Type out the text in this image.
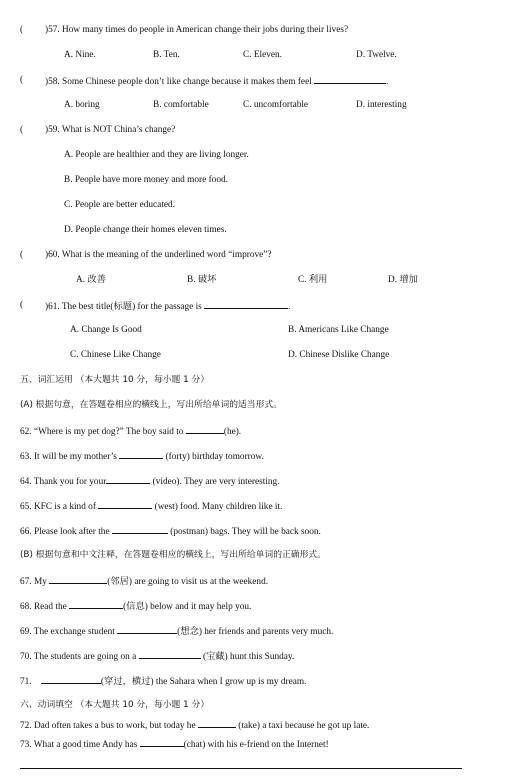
( )57. How many times do people in American change their jobs during their lives?
A. Nine.	B. Ten.	C. Eleven.	D. Twelve.
( )58. Some Chinese people don’t like change because it makes them feel	.
A. boring	B. comfortable	C. uncomfortable	D. interesting
( )59. What is NOT China’s change?
A. People are healthier and they are living longer.
B. People have more money and more food.
C. People are better educated.
D. People change their homes eleven times.
( )60. What is the meaning of the underlined word “improve”?
A. 改善	B. 破坏	C. 利用	D. 增加
( )61. The best title(标题) for the passage is	.
A. Change Is Good	B. Americans Like Change
C. Chinese Like Change	D. Chinese Dislike Change
五、词汇运用 （本大题共 10 分，每小题 1 分）
(A) 根据句意，在答题卷相应的横线上，写出所给单词的适当形式。
62. “Where is my pet dog?” The boy said to	(he).
63. It will be my mother’s	(forty) birthday tomorrow.
64. Thank you for your	(video). They are very interesting.
65. KFC is a kind of	(west) food. Many children like it.
66. Please look after the	(postman) bags. They will be back soon.
(B) 根据句意和中文注释，在答题卷相应的横线上，写出所给单词的正确形式。
67. My	(邻居) are going to visit us at the weekend.
68. Read the	(信息) below and it may help you.
69. The exchange student	(想念) her friends and parents very much.
70. The students are going on a	(宝藏) hunt this Sunday.
71.	(穿过，横过) the Sahara when I grow up is my dream.
六、动词填空 （本大题共 10 分，每小题 1 分）
72. Dad often takes a bus to work, but today he	(take) a taxi because he got up late.
73. What a good time Andy has	(chat) with his e-friend on the Internet!
